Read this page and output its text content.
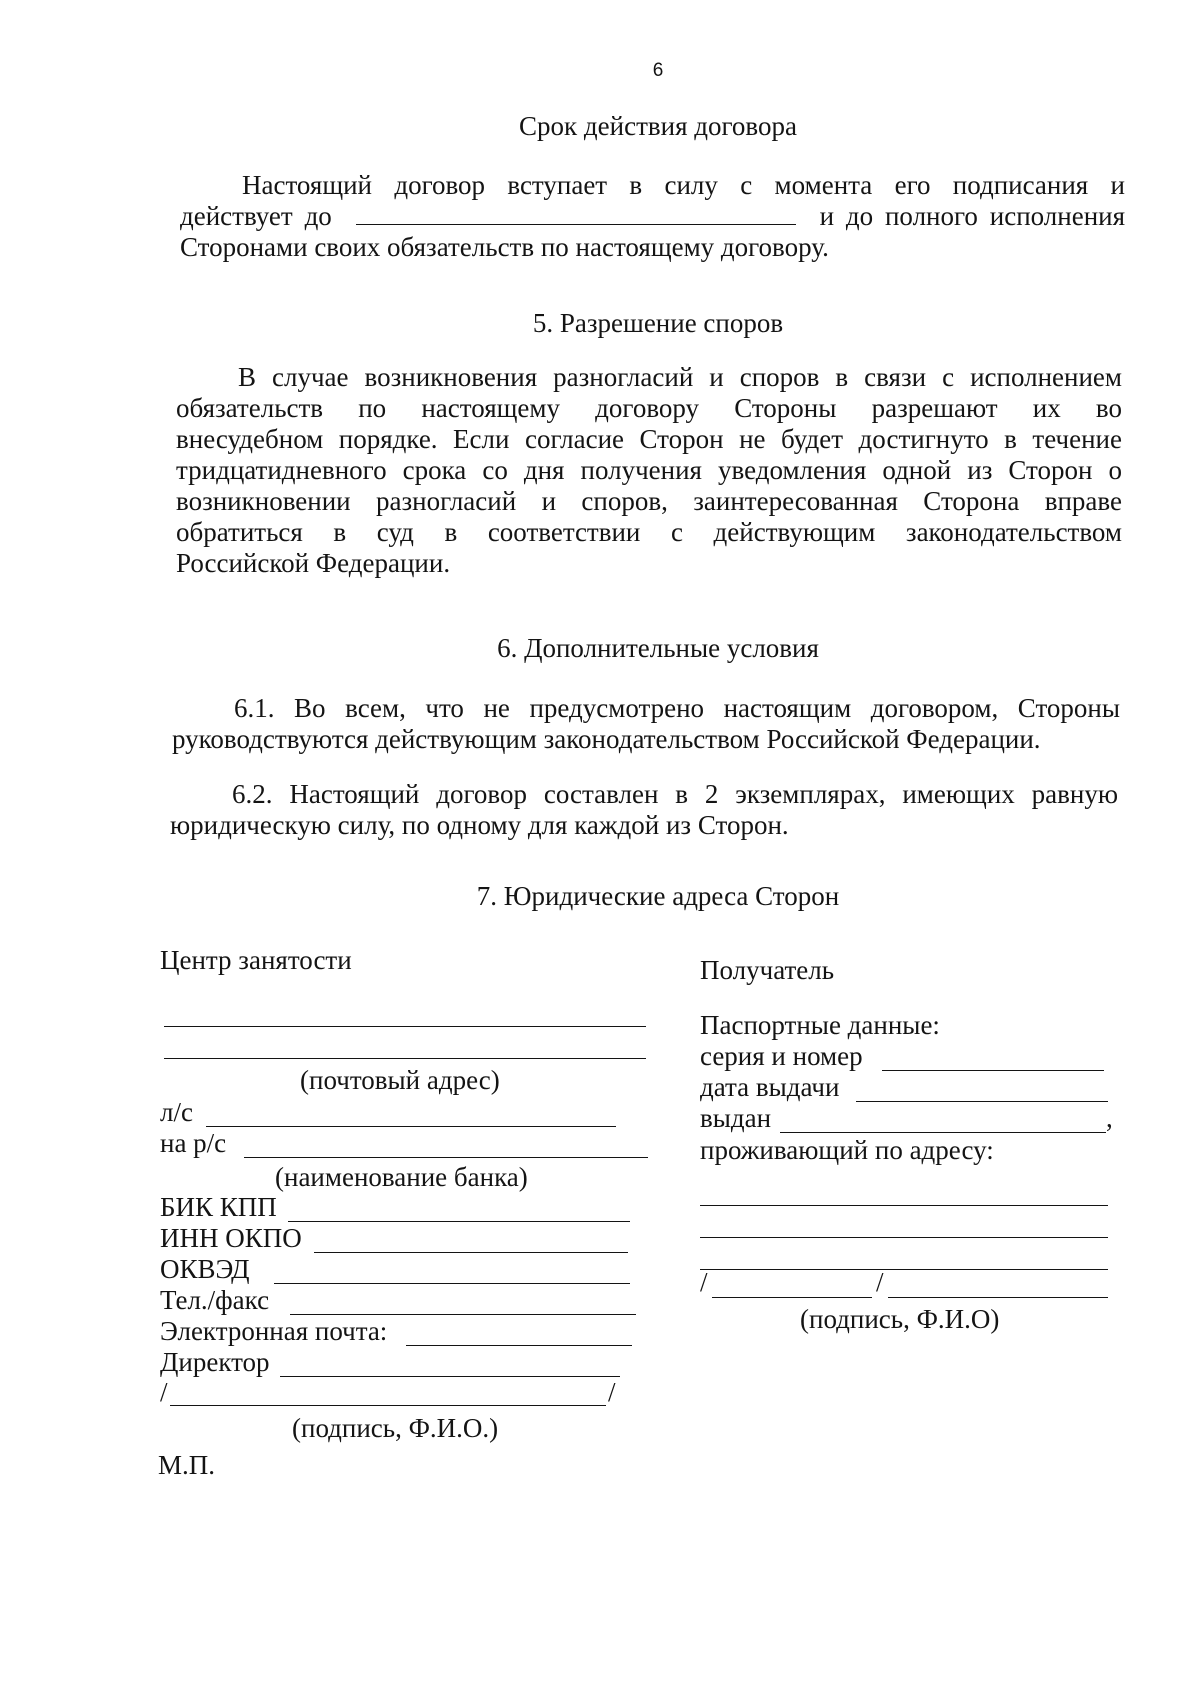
6
Срок действия договора
Настоящий договор вступает в силу с момента его подписания и
действует до	и до полного исполнения
Сторонами своих обязательств по настоящему договору.
5. Разрешение споров
В случае возникновения разногласий и споров в связи с исполнением
обязательств по настоящему договору Стороны разрешают их во
внесудебном порядке. Если согласие Сторон не будет достигнуто в течение
тридцатидневного срока со дня получения уведомления одной из Сторон о
возникновении разногласий и споров, заинтересованная Сторона вправе
обратиться в суд в соответствии с действующим законодательством
Российской Федерации.
6. Дополнительные условия
6.1. Во всем, что не предусмотрено настоящим договором, Стороны
руководствуются действующим законодательством Российской Федерации.
6.2. Настоящий договор составлен в 2 экземплярах, имеющих равную
юридическую силу, по одному для каждой из Сторон.
7. Юридические адреса Сторон
Центр занятости
(почтовый адрес)
л/с
на р/с
(наименование банка)
БИК КПП
ИНН ОКПО
ОКВЭД
Тел./факс
Электронная почта:
Директор
/	/
(подпись, Ф.И.О.)
М.П.
Получатель
Паспортные данные:
серия и номер
дата выдачи
выдан	,
проживающий по адресу:
/	/
(подпись, Ф.И.О)
